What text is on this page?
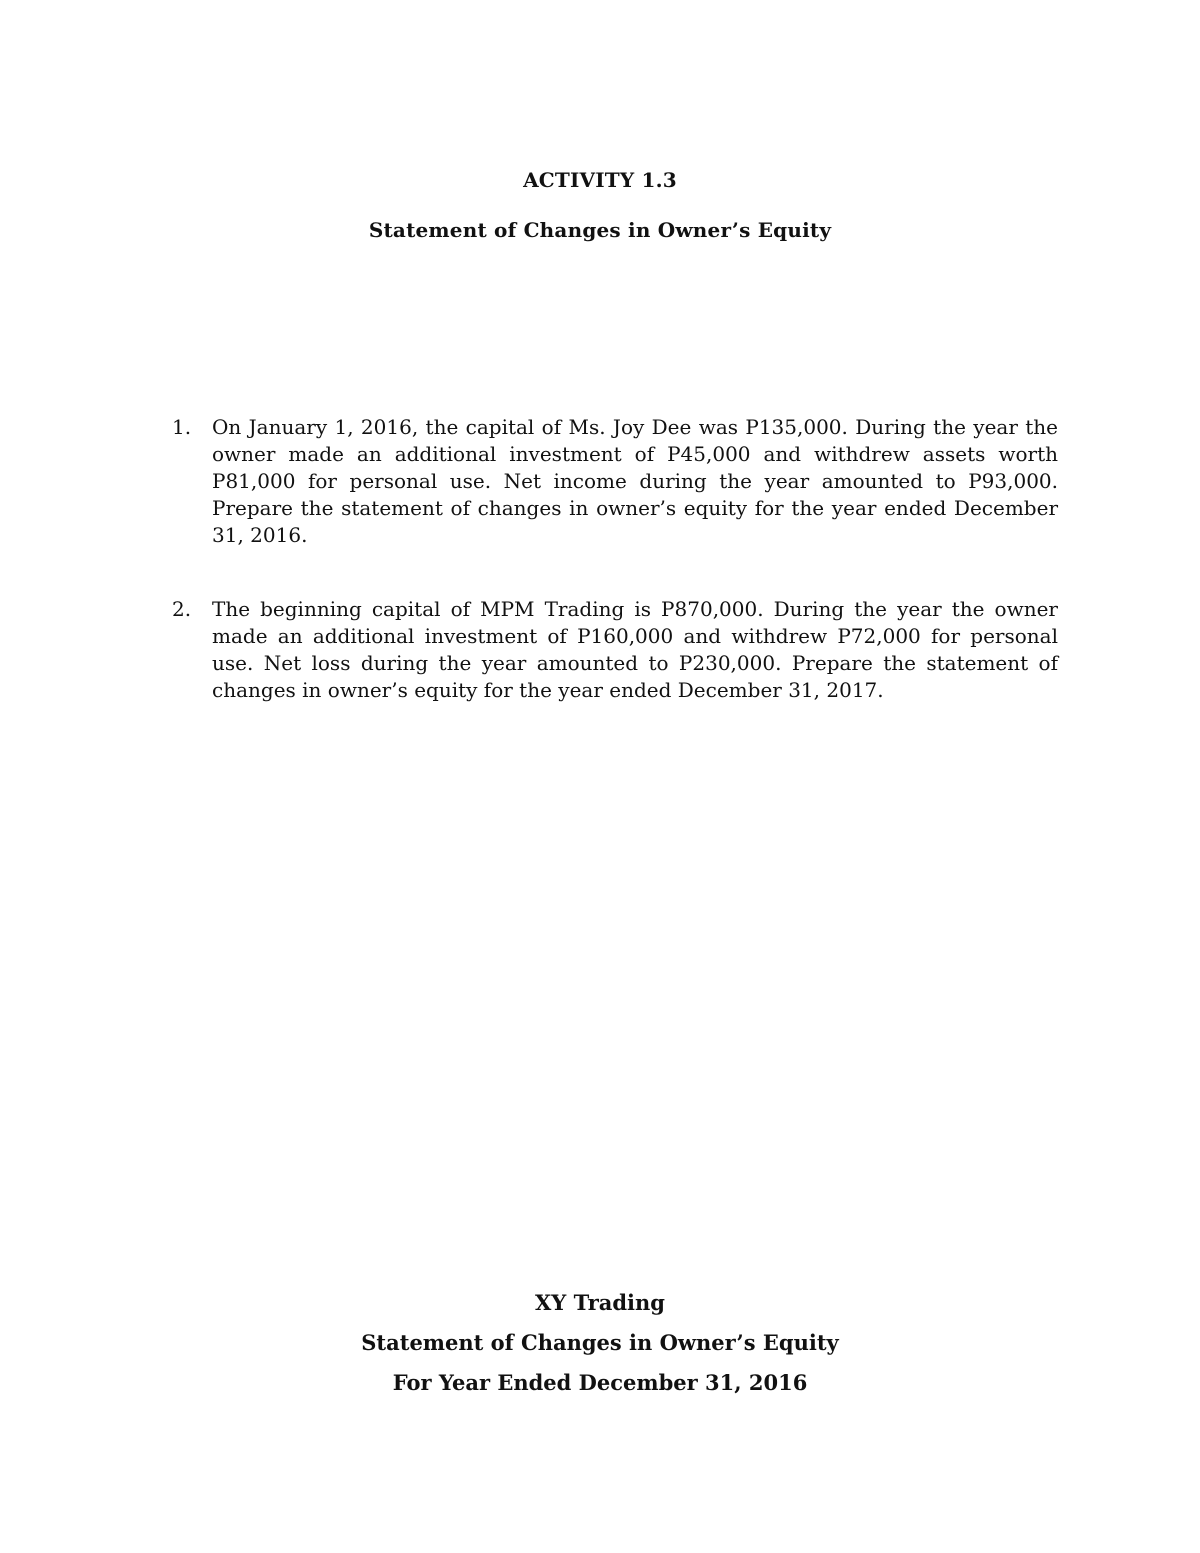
ACTIVITY 1.3
Statement of Changes in Owner’s Equity
1.	On January 1, 2016, the capital of Ms. Joy Dee was P135,000. During the year the owner made an additional investment of P45,000 and withdrew assets worth P81,000 for personal use. Net income during the year amounted to P93,000. Prepare the statement of changes in owner’s equity for the year ended December 31, 2016.
2.	The beginning capital of MPM Trading is P870,000. During the year the owner made an additional investment of P160,000 and withdrew P72,000 for personal use. Net loss during the year amounted to P230,000. Prepare the statement of changes in owner’s equity for the year ended December 31, 2017.
XY Trading
Statement of Changes in Owner’s Equity
For Year Ended December 31, 2016
